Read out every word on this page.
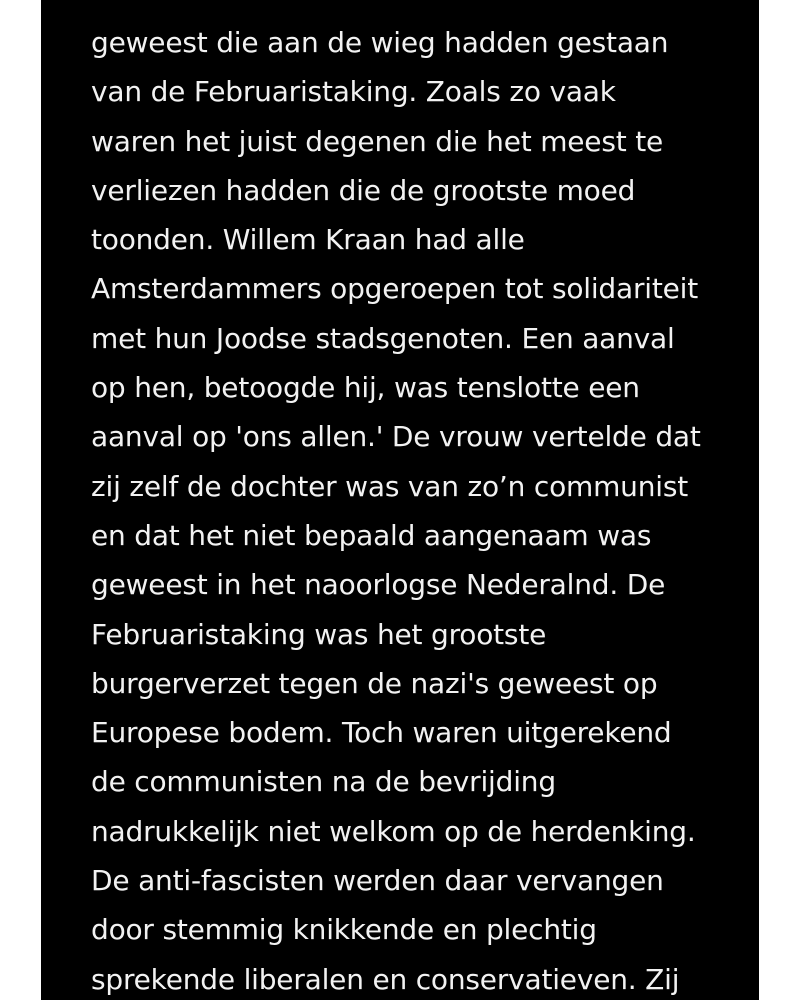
geweest die aan de wieg hadden gestaan
van de Februaristaking. Zoals zo vaak
waren het juist degenen die het meest te
verliezen hadden die de grootste moed
toonden. Willem Kraan had alle
Amsterdammers opgeroepen tot solidariteit
met hun Joodse stadsgenoten. Een aanval
op hen, betoogde hij, was tenslotte een
aanval op 'ons allen.' De vrouw vertelde dat
zij zelf de dochter was van zo’n communist
en dat het niet bepaald aangenaam was
geweest in het naoorlogse Nederalnd. De
Februaristaking was het grootste
burgerverzet tegen de nazi's geweest op
Europese bodem. Toch waren uitgerekend
de communisten na de bevrijding
nadrukkelijk niet welkom op de herdenking.
De anti-fascisten werden daar vervangen
door stemmig knikkende en plechtig
sprekende liberalen en conservatieven. Zij
